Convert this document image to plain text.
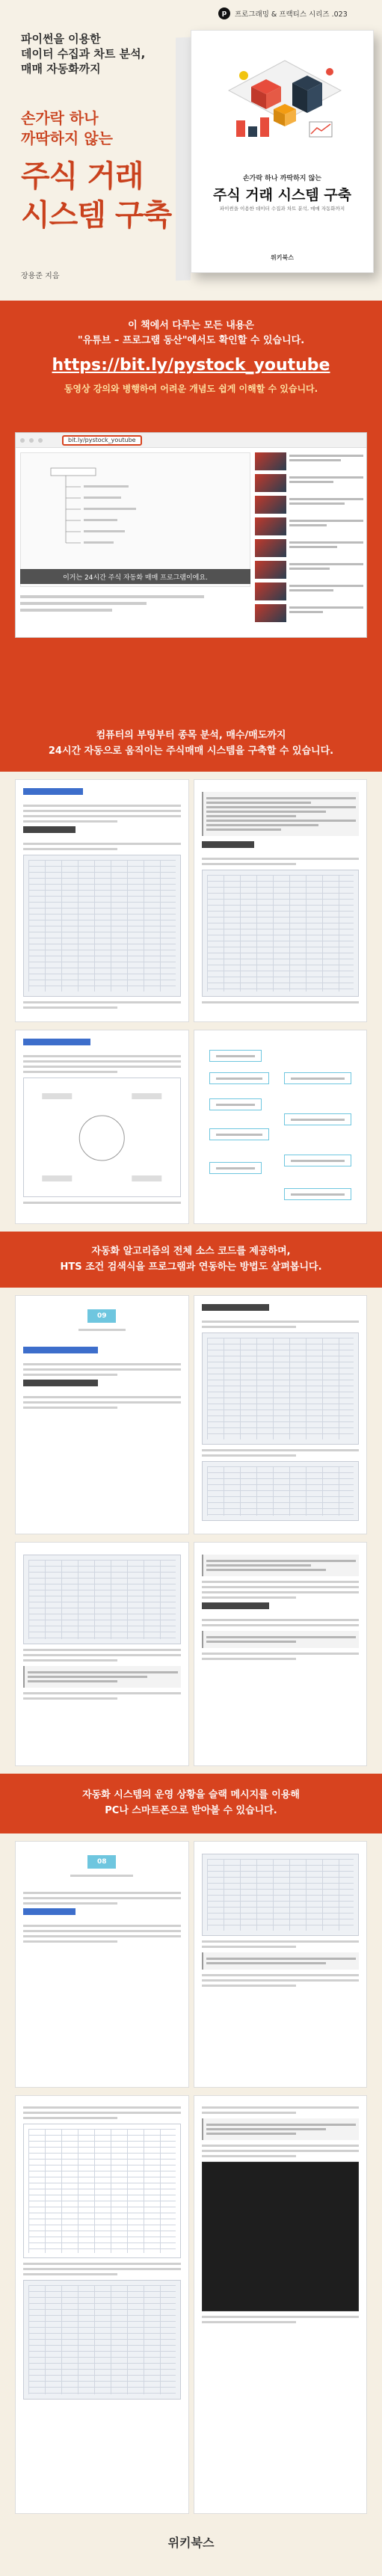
p	프로그래밍 & 프랙티스 시리즈 .023
파이썬을 이용한
데이터 수집과 차트 분석,
매매 자동화까지
손가락 하나
까딱하지 않는
주식 거래
시스템 구축
장용준 지음
손가락 하나 까딱하지 않는
주식 거래 시스템 구축
파이썬을 이용한 데이터 수집과 차트 분석, 매매 자동화까지
위키북스
이 책에서 다루는 모든 내용은
"유튜브 – 프로그램 동산"에서도 확인할 수 있습니다.
https://bit.ly/pystock_youtube
동영상 강의와 병행하여 어려운 개념도 쉽게 이해할 수 있습니다.
bit.ly/pystock_youtube
이거는 24시간 주식 자동화 매매 프로그램이에요.
컴퓨터의 부팅부터 종목 분석, 매수/매도까지
24시간 자동으로 움직이는 주식매매 시스템을 구축할 수 있습니다.
자동화 알고리즘의 전체 소스 코드를 제공하며,
HTS 조건 검색식을 프로그램과 연동하는 방법도 살펴봅니다.
09
자동화 시스템의 운영 상황을 슬랙 메시지를 이용해
PC나 스마트폰으로 받아볼 수 있습니다.
08
위키북스
